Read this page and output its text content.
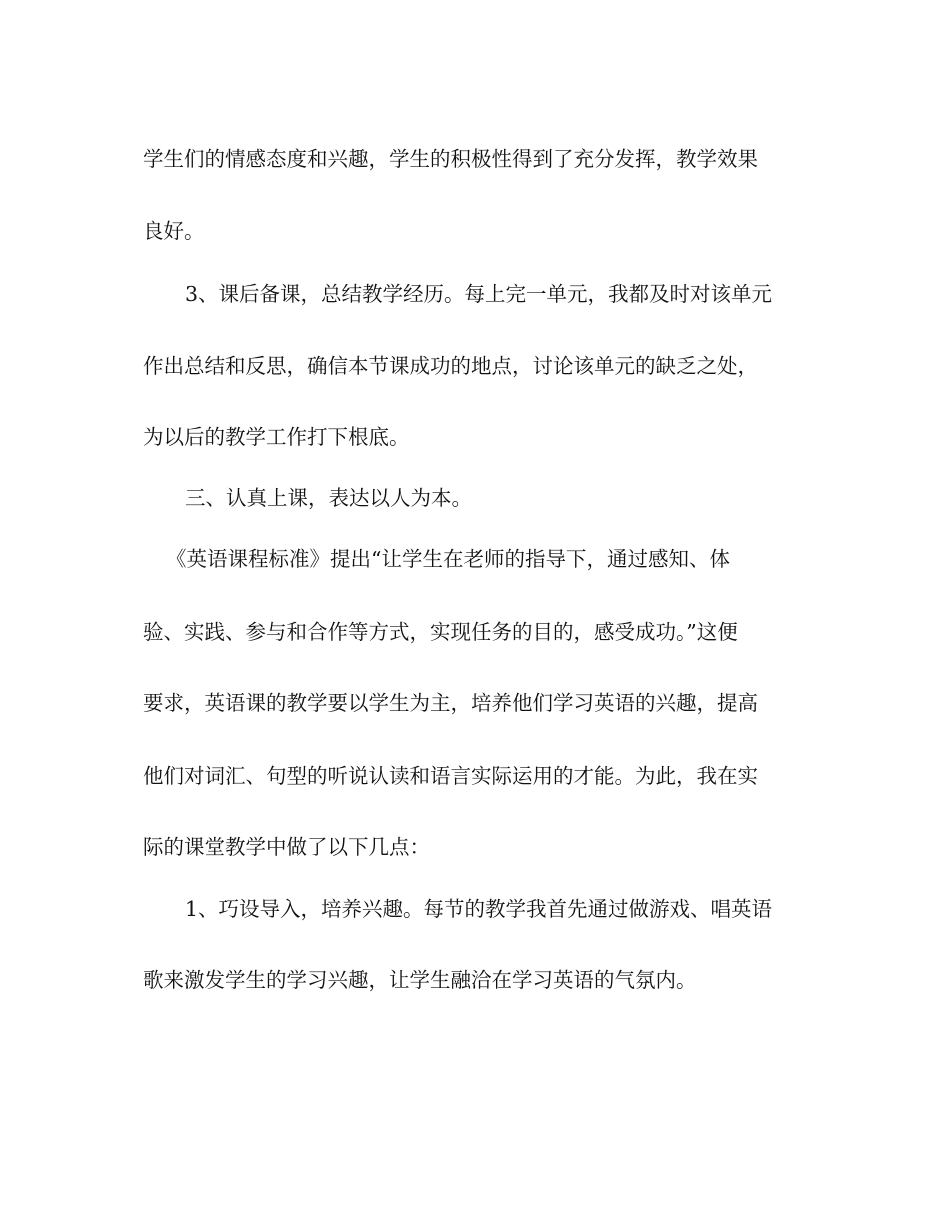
学生们的情感态度和兴趣，学生的积极性得到了充分发挥，教学效果

良好。

3、课后备课，总结教学经历。每上完一单元，我都及时对该单元

作出总结和反思，确信本节课成功的地点，讨论该单元的缺乏之处，

为以后的教学工作打下根底。

三、认真上课，表达以人为本。

《英语课程标准》提出“让学生在老师的指导下，通过感知、体

验、实践、参与和合作等方式，实现任务的目的，感受成功。”这便

要求，英语课的教学要以学生为主，培养他们学习英语的兴趣，提高

他们对词汇、句型的听说认读和语言实际运用的才能。为此，我在实

际的课堂教学中做了以下几点：

1、巧设导入，培养兴趣。每节的教学我首先通过做游戏、唱英语

歌来激发学生的学习兴趣，让学生融洽在学习英语的气氛内。
